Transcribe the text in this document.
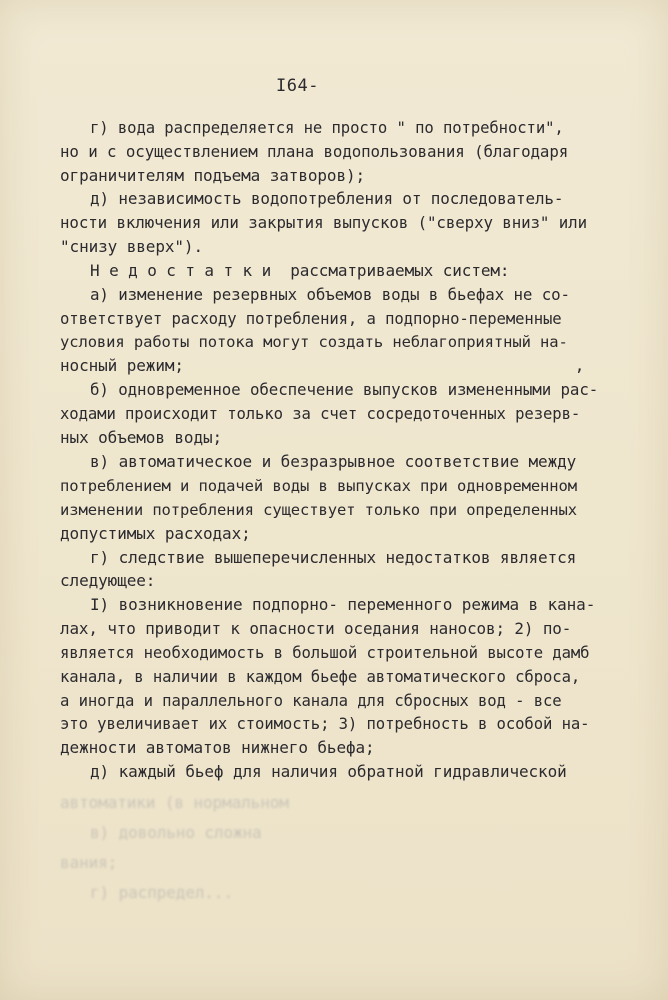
I64-
г) вода распределяется не просто " по потребности",
но и с осуществлением плана водопользования (благодаря
ограничителям подъема затворов);
д) независимость водопотребления от последователь-
ности включения или закрытия выпусков ("сверху вниз" или
"снизу вверх").
Н е д о с т а т к и  рассматриваемых систем:
а) изменение резервных объемов воды в бьефах не со-
ответствует расходу потребления, а подпорно-переменные
условия работы потока могут создать неблагоприятный на-
носный режим;                                         ,
б) одновременное обеспечение выпусков измененными рас-
ходами происходит только за счет сосредоточенных резерв-
ных объемов воды;
в) автоматическое и безразрывное соответствие между
потреблением и подачей воды в выпусках при одновременном
изменении потребления существует только при определенных
допустимых расходах;
г) следствие вышеперечисленных недостатков является
следующее:
I) возникновение подпорно- переменного режима в кана-
лах, что приводит к опасности оседания наносов; 2) по-
является необходимость в большой строительной высоте дамб
канала, в наличии в каждом бьефе автоматического сброса,
а иногда и параллельного канала для сбросных вод - все
это увеличивает их стоимость; 3) потребность в особой на-
дежности автоматов нижнего бьефа;
д) каждый бьеф для наличия обратной гидравлической
автоматики (в нормальном
в) довольно сложна
вания;
г) распредел...
